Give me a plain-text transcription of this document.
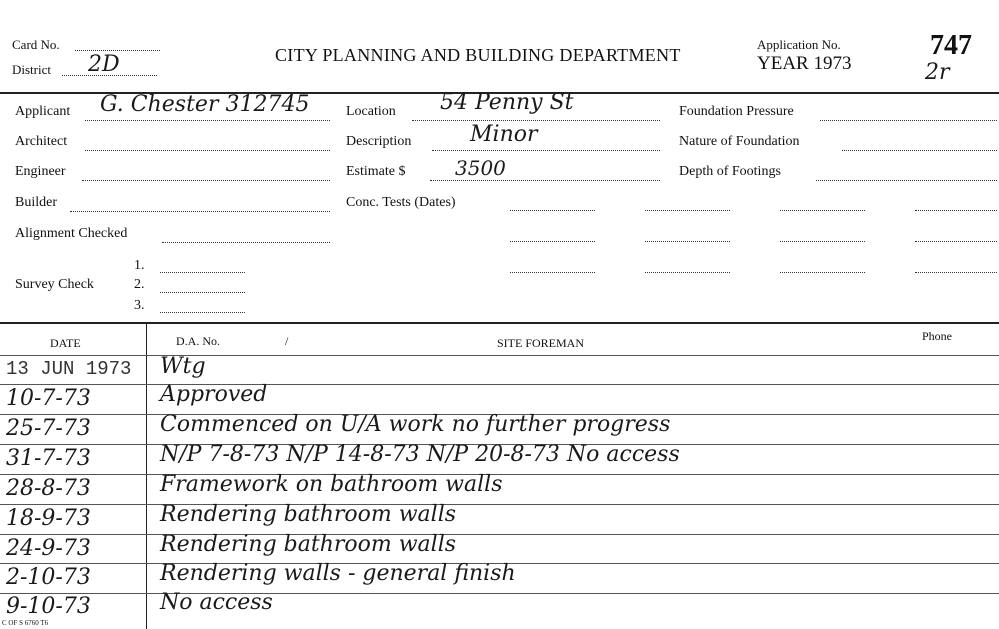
Card No.
District 2D	CITY PLANNING AND BUILDING DEPARTMENT
Application No.
YEAR 1973
747
2r
Applicant G. Chester 312745
Architect
Engineer
Builder
Alignment Checked
Survey Check
1.
2.
3.
Location 54 Penny St
Description	Minor
Estimate $ 3500
Conc. Tests (Dates)
Foundation Pressure
Nature of Foundation
Depth of Footings
DATE	D.A. No.	/	SITE FOREMAN	Phone
13 JUN 1973	Wtg
10-7-73	Approved
25-7-73	Commenced on U/A work no further progress
31-7-73	N/P 7-8-73 N/P 14-8-73 N/P 20-8-73 No access
28-8-73	Framework on bathroom walls
18-9-73	Rendering bathroom walls
24-9-73	Rendering bathroom walls
2-10-73	Rendering walls - general finish
9-10-73	No access
C OF S 6760 T6
